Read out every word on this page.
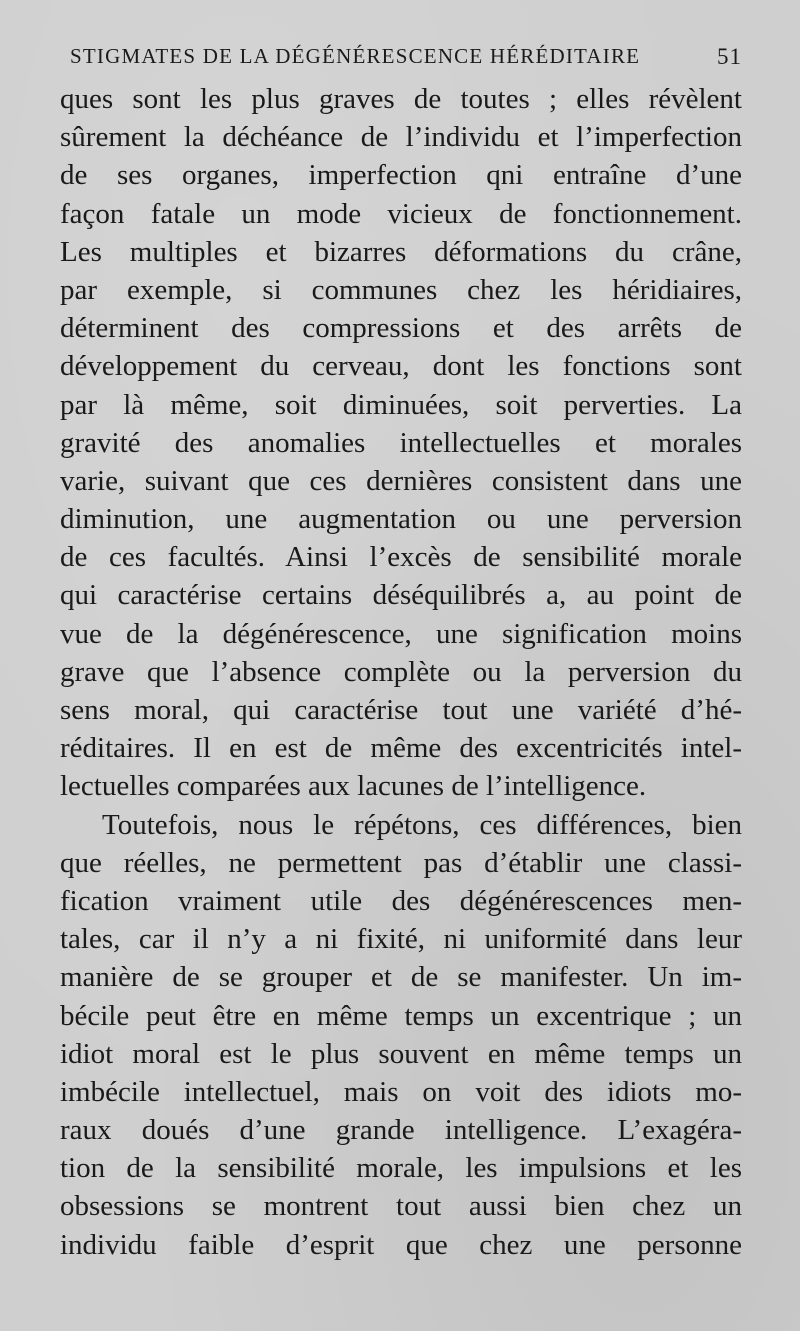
STIGMATES DE LA DÉGÉNÉRESCENCE HÉRÉDITAIRE	51
ques sont les plus graves de toutes ; elles révèlent
sûrement la déchéance de l’individu et l’imperfection
de ses organes, imperfection qni entraîne d’une
façon fatale un mode vicieux de fonctionnement.
Les multiples et bizarres déformations du crâne,
par exemple, si communes chez les héridiaires,
déterminent des compressions et des arrêts de
développement du cerveau, dont les fonctions sont
par là même, soit diminuées, soit perverties. La
gravité des anomalies intellectuelles et morales
varie, suivant que ces dernières consistent dans une
diminution, une augmentation ou une perversion
de ces facultés. Ainsi l’excès de sensibilité morale
qui caractérise certains déséquilibrés a, au point de
vue de la dégénérescence, une signification moins
grave que l’absence complète ou la perversion du
sens moral, qui caractérise tout une variété d’hé-
réditaires. Il en est de même des excentricités intel-
lectuelles comparées aux lacunes de l’intelligence.
Toutefois, nous le répétons, ces différences, bien
que réelles, ne permettent pas d’établir une classi-
fication vraiment utile des dégénérescences men-
tales, car il n’y a ni fixité, ni uniformité dans leur
manière de se grouper et de se manifester. Un im-
bécile peut être en même temps un excentrique ; un
idiot moral est le plus souvent en même temps un
imbécile intellectuel, mais on voit des idiots mo-
raux doués d’une grande intelligence. L’exagéra-
tion de la sensibilité morale, les impulsions et les
obsessions se montrent tout aussi bien chez un
individu faible d’esprit que chez une personne
